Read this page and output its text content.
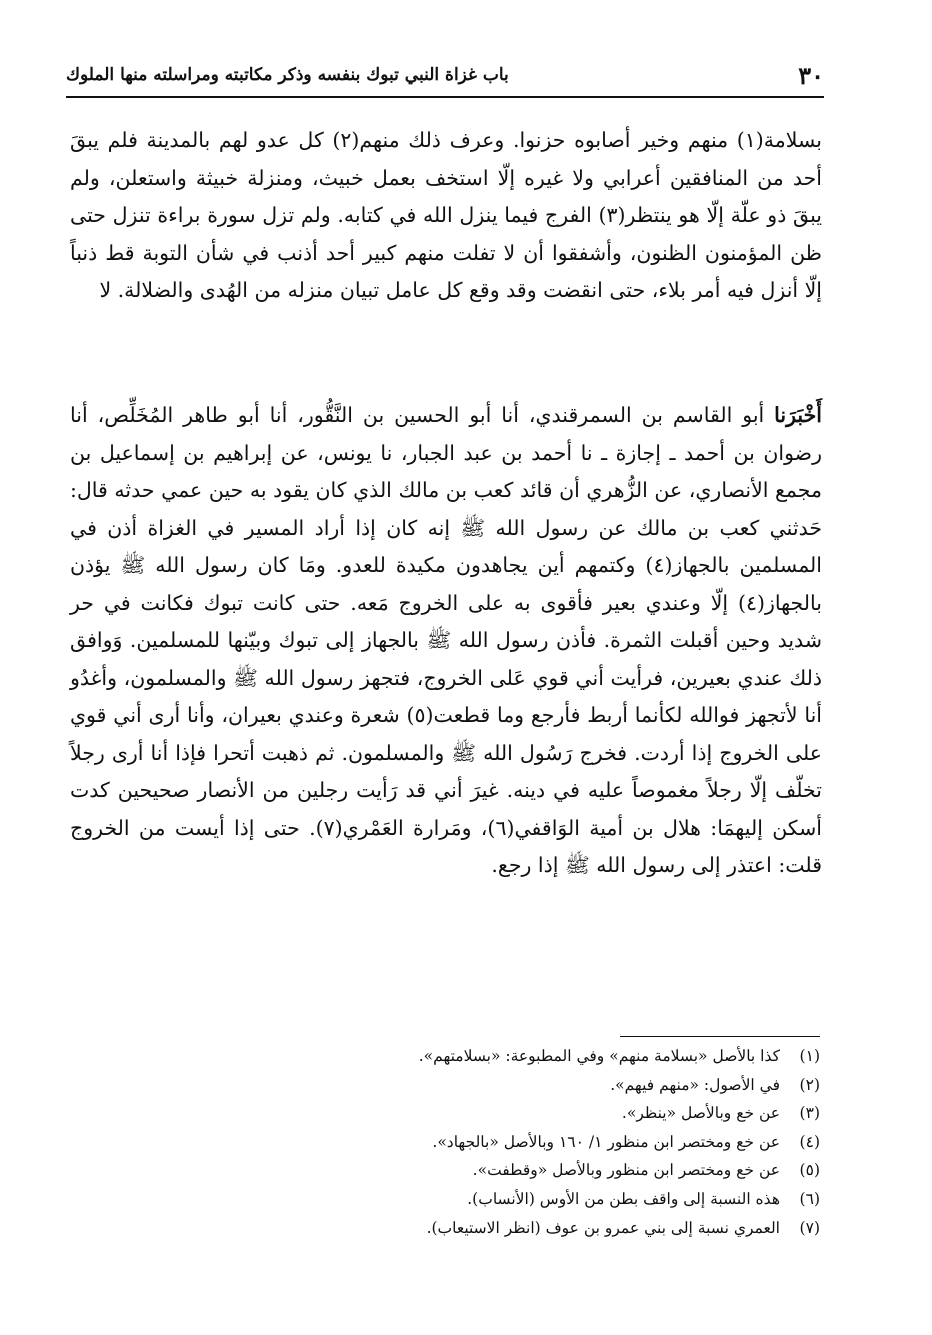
٣٠
باب غزاة النبي تبوك بنفسه وذكر مكاتبته ومراسلته منها الملوك

بسلامة(١) منهم وخير أصابوه حزنوا. وعرف ذلك منهم(٢) كل عدو لهم بالمدينة فلم يبقَ أحد من المنافقين أعرابي ولا غيره إلّا استخف بعمل خبيث، ومنزلة خبيثة واستعلن، ولم يبقَ ذو علّة إلّا هو ينتظر(٣) الفرج فيما ينزل الله في كتابه. ولم تزل سورة براءة تنزل حتى ظن المؤمنون الظنون، وأشفقوا أن لا تفلت منهم كبير أحد أذنب في شأن التوبة قط ذنباً إلّا أنزل فيه أمر بلاء، حتى انقضت وقد وقع كل عامل تبيان منزله من الهُدى والضلالة. ﻻ

أَخْبَرَنا أبو القاسم بن السمرقندي، أنا أبو الحسين بن النَّقُّور، أنا أبو طاهر المُخَلِّص، أنا رضوان بن أحمد ـ إجازة ـ نا أحمد بن عبد الجبار، نا يونس، عن إبراهيم بن إسماعيل بن مجمع الأنصاري، عن الزُّهري أن قائد كعب بن مالك الذي كان يقود به حين عمي حدثه قال: حَدثني كعب بن مالك عن رسول الله ﷺ إنه كان إذا أراد المسير في الغزاة أذن في المسلمين بالجهاز(٤) وكتمهم أين يجاهدون مكيدة للعدو. ومَا كان رسول الله ﷺ يؤذن بالجهاز(٤) إلّا وعندي بعير فأقوى به على الخروج مَعه. حتى كانت تبوك فكانت في حر شديد وحين أقبلت الثمرة. فأذن رسول الله ﷺ بالجهاز إلى تبوك وبيّنها للمسلمين. وَوافق ذلك عندي بعيرين، فرأيت أني قوي عَلى الخروج، فتجهز رسول الله ﷺ والمسلمون، وأغدُو أنا لأتجهز فوالله لكأنما أربط فأرجع وما قطعت(٥) شعرة وعندي بعيران، وأنا أرى أني قوي على الخروج إذا أردت. فخرج رَسُول الله ﷺ والمسلمون. ثم ذهبت أتحرا فإذا أنا أرى رجلاً تخلّف إلّا رجلاً مغموصاً عليه في دينه. غيرَ أني قد رَأيت رجلين من الأنصار صحيحين كدت أسكن إليهمَا: هلال بن أمية الوَاقفي(٦)، ومَرارة العَمْري(٧). حتى إذا أيست من الخروج قلت: اعتذر إلى رسول الله ﷺ إذا رجع.

(١)
كذا بالأصل «بسلامة منهم» وفي المطبوعة: «بسلامتهم».
(٢)
في الأصول: «منهم فيهم».
(٣)
عن خع وبالأصل «ينظر».
(٤)
عن خع ومختصر ابن منظور ١/ ١٦٠ وبالأصل «بالجهاد».
(٥)
عن خع ومختصر ابن منظور وبالأصل «وقطفت».
(٦)
هذه النسبة إلى واقف بطن من الأوس (الأنساب).
(٧)
العمري نسبة إلى بني عمرو بن عوف (انظر الاستيعاب).
